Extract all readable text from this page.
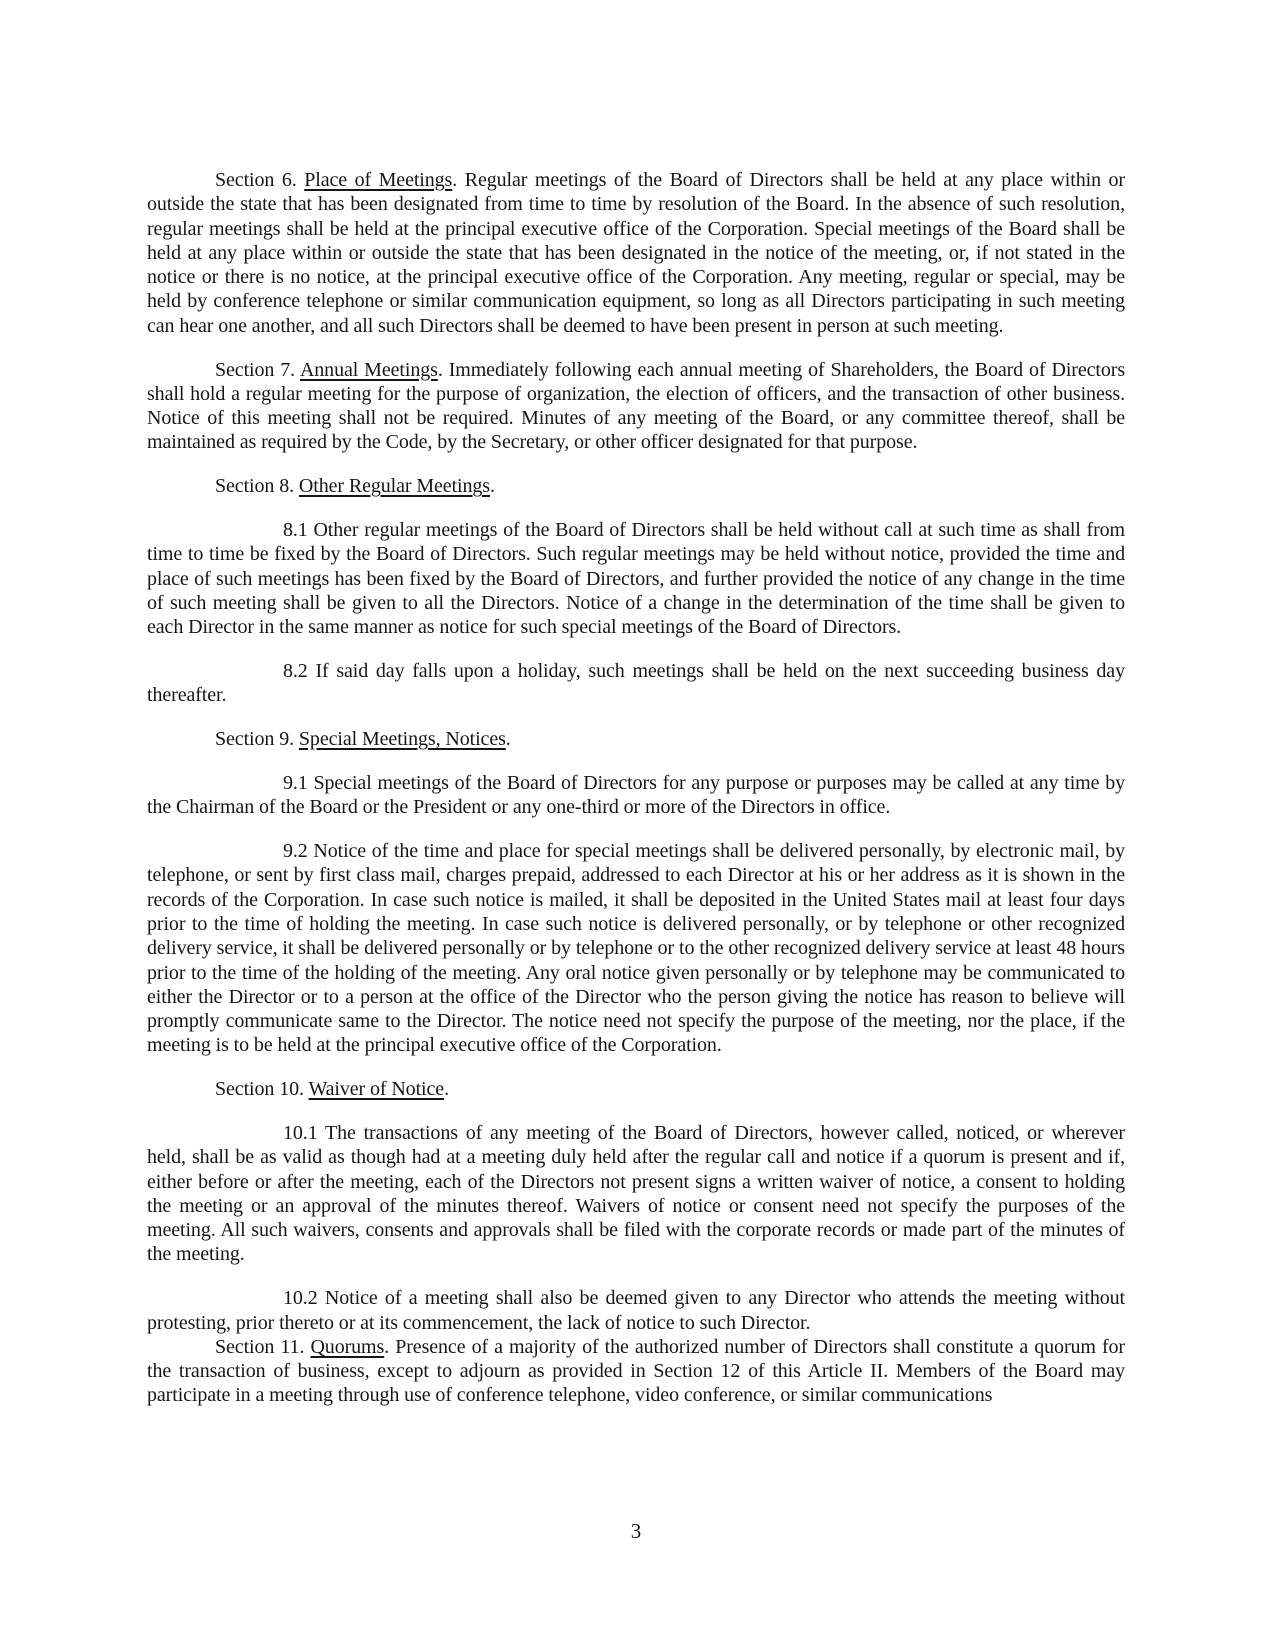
Section 6. Place of Meetings. Regular meetings of the Board of Directors shall be held at any place within or outside the state that has been designated from time to time by resolution of the Board. In the absence of such resolution, regular meetings shall be held at the principal executive office of the Corporation. Special meetings of the Board shall be held at any place within or outside the state that has been designated in the notice of the meeting, or, if not stated in the notice or there is no notice, at the principal executive office of the Corporation. Any meeting, regular or special, may be held by conference telephone or similar communication equipment, so long as all Directors participating in such meeting can hear one another, and all such Directors shall be deemed to have been present in person at such meeting.

Section 7. Annual Meetings. Immediately following each annual meeting of Shareholders, the Board of Directors shall hold a regular meeting for the purpose of organization, the election of officers, and the transaction of other business. Notice of this meeting shall not be required. Minutes of any meeting of the Board, or any committee thereof, shall be maintained as required by the Code, by the Secretary, or other officer designated for that purpose.

Section 8. Other Regular Meetings.

8.1 Other regular meetings of the Board of Directors shall be held without call at such time as shall from time to time be fixed by the Board of Directors. Such regular meetings may be held without notice, provided the time and place of such meetings has been fixed by the Board of Directors, and further provided the notice of any change in the time of such meeting shall be given to all the Directors. Notice of a change in the determination of the time shall be given to each Director in the same manner as notice for such special meetings of the Board of Directors.

8.2 If said day falls upon a holiday, such meetings shall be held on the next succeeding business day thereafter.

Section 9. Special Meetings, Notices.

9.1 Special meetings of the Board of Directors for any purpose or purposes may be called at any time by the Chairman of the Board or the President or any one-third or more of the Directors in office.

9.2 Notice of the time and place for special meetings shall be delivered personally, by electronic mail, by telephone, or sent by first class mail, charges prepaid, addressed to each Director at his or her address as it is shown in the records of the Corporation. In case such notice is mailed, it shall be deposited in the United States mail at least four days prior to the time of holding the meeting. In case such notice is delivered personally, or by telephone or other recognized delivery service, it shall be delivered personally or by telephone or to the other recognized delivery service at least 48 hours prior to the time of the holding of the meeting. Any oral notice given personally or by telephone may be communicated to either the Director or to a person at the office of the Director who the person giving the notice has reason to believe will promptly communicate same to the Director. The notice need not specify the purpose of the meeting, nor the place, if the meeting is to be held at the principal executive office of the Corporation.

Section 10. Waiver of Notice.

10.1 The transactions of any meeting of the Board of Directors, however called, noticed, or wherever held, shall be as valid as though had at a meeting duly held after the regular call and notice if a quorum is present and if, either before or after the meeting, each of the Directors not present signs a written waiver of notice, a consent to holding the meeting or an approval of the minutes thereof. Waivers of notice or consent need not specify the purposes of the meeting. All such waivers, consents and approvals shall be filed with the corporate records or made part of the minutes of the meeting.

10.2 Notice of a meeting shall also be deemed given to any Director who attends the meeting without protesting, prior thereto or at its commencement, the lack of notice to such Director.

Section 11. Quorums. Presence of a majority of the authorized number of Directors shall constitute a quorum for the transaction of business, except to adjourn as provided in Section 12 of this Article II. Members of the Board may participate in a meeting through use of conference telephone, video conference, or similar communications

3
